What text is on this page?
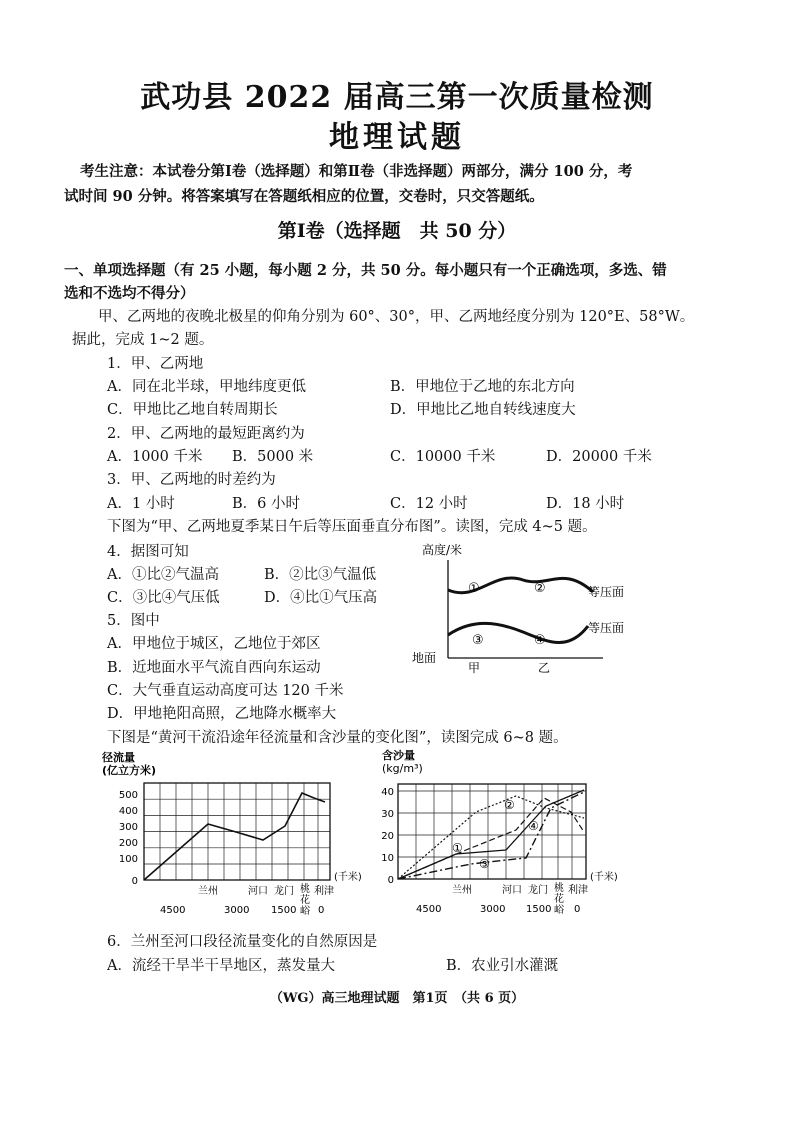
武功县 2022 届高三第一次质量检测
地理试题
考生注意：本试卷分第Ⅰ卷（选择题）和第Ⅱ卷（非选择题）两部分，满分 100 分，考
试时间 90 分钟。将答案填写在答题纸相应的位置，交卷时，只交答题纸。
第Ⅰ卷（选择题　共 50 分）
一、单项选择题（有 25 小题，每小题 2 分，共 50 分。每小题只有一个正确选项，多选、错
选和不选均不得分）
甲、乙两地的夜晚北极星的仰角分别为 60°、30°，甲、乙两地经度分别为 120°E、58°W。
据此，完成 1~2 题。
1．甲、乙两地
A．同在北半球，甲地纬度更低	B．甲地位于乙地的东北方向
C．甲地比乙地自转周期长	D．甲地比乙地自转线速度大
2．甲、乙两地的最短距离约为
A．1000 千米 B．5000 米	C．10000 千米	D．20000 千米
3．甲、乙两地的时差约为
A．1 小时	B．6 小时	C．12 小时	D．18 小时
下图为“甲、乙两地夏季某日午后等压面垂直分布图”。读图，完成 4~5 题。
4．据图可知
A．①比②气温高	B．②比③气温低
C．③比④气压低	D．④比①气压高
5．图中
A．甲地位于城区，乙地位于郊区
B．近地面水平气流自西向东运动
C．大气垂直运动高度可达 120 千米
D．甲地艳阳高照，乙地降水概率大
高度/米
①	②
③	④
等压面
等压面
地面
甲	乙
下图是“黄河干流沿途年径流量和含沙量的变化图”，读图完成 6~8 题。
径流量
(亿立方米)
500
400
300
200
100
0	(千米)
兰州	河口 龙门 利津
桃
花
峪
4500	3000 1500 0
含沙量
(kg/m³)
40
30
20
10
0
①
②
③
④
(千米)
兰州	河口 龙门 利津
桃
花
峪
4500	3000 1500 0
6．兰州至河口段径流量变化的自然原因是
A．流经干旱半干旱地区，蒸发量大	B．农业引水灌溉
（WG）高三地理试题　第1页　（共 6 页）
